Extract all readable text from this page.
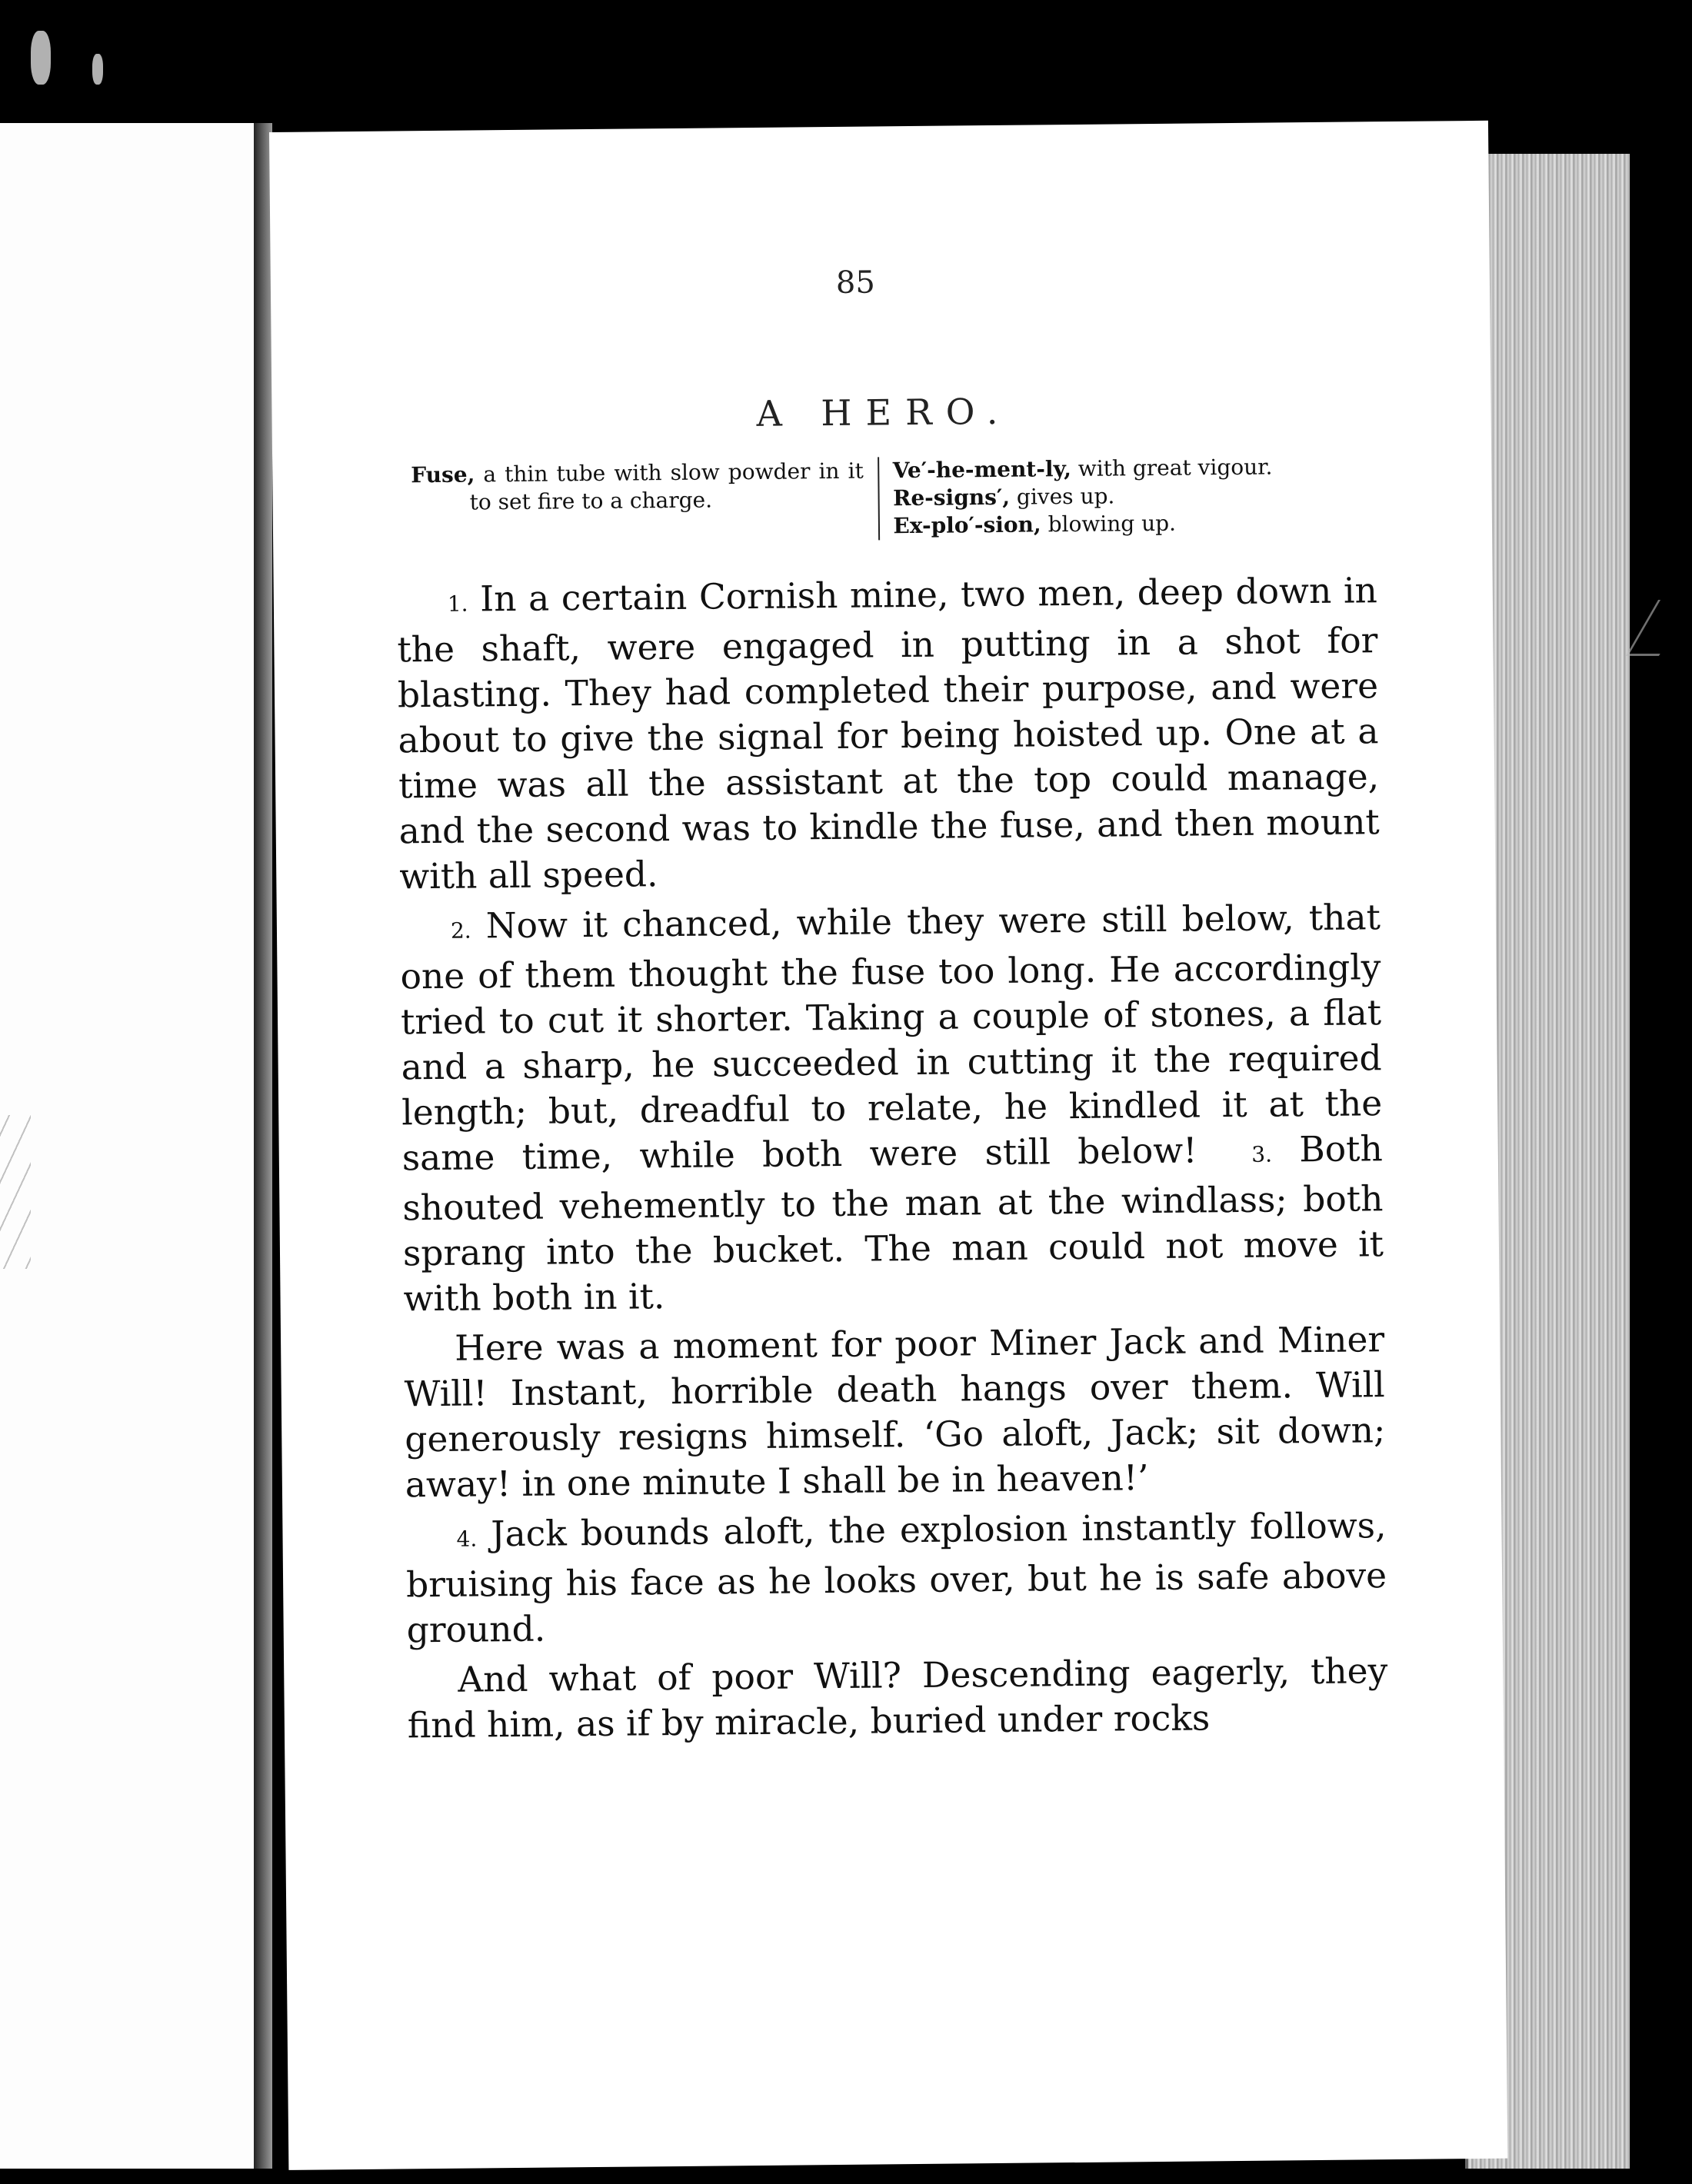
85
A HERO.

Fuse, a thin tube with slow powder in it to set fire to a charge.

Ve′-he-ment-ly, with great vigour.

Re-signs′, gives up.

Ex-plo′-sion, blowing up.

1. In a certain Cornish mine, two men, deep down in the shaft, were engaged in putting in a shot for blasting. They had completed their purpose, and were about to give the signal for being hoisted up. One at a time was all the assistant at the top could manage, and the second was to kindle the fuse, and then mount with all speed.

2. Now it chanced, while they were still below, that one of them thought the fuse too long. He accordingly tried to cut it shorter. Taking a couple of stones, a flat and a sharp, he succeeded in cutting it the required length; but, dreadful to relate, he kindled it at the same time, while both were still below!	3. Both shouted vehemently to the man at the windlass; both sprang into the bucket. The man could not move it with both in it.

Here was a moment for poor Miner Jack and Miner Will! Instant, horrible death hangs over them. Will generously resigns himself. ‘Go aloft, Jack; sit down; away! in one minute I shall be in heaven!’

4. Jack bounds aloft, the explosion instantly follows, bruising his face as he looks over, but he is safe above ground.

And what of poor Will? Descending eagerly, they find him, as if by miracle, buried under rocks
